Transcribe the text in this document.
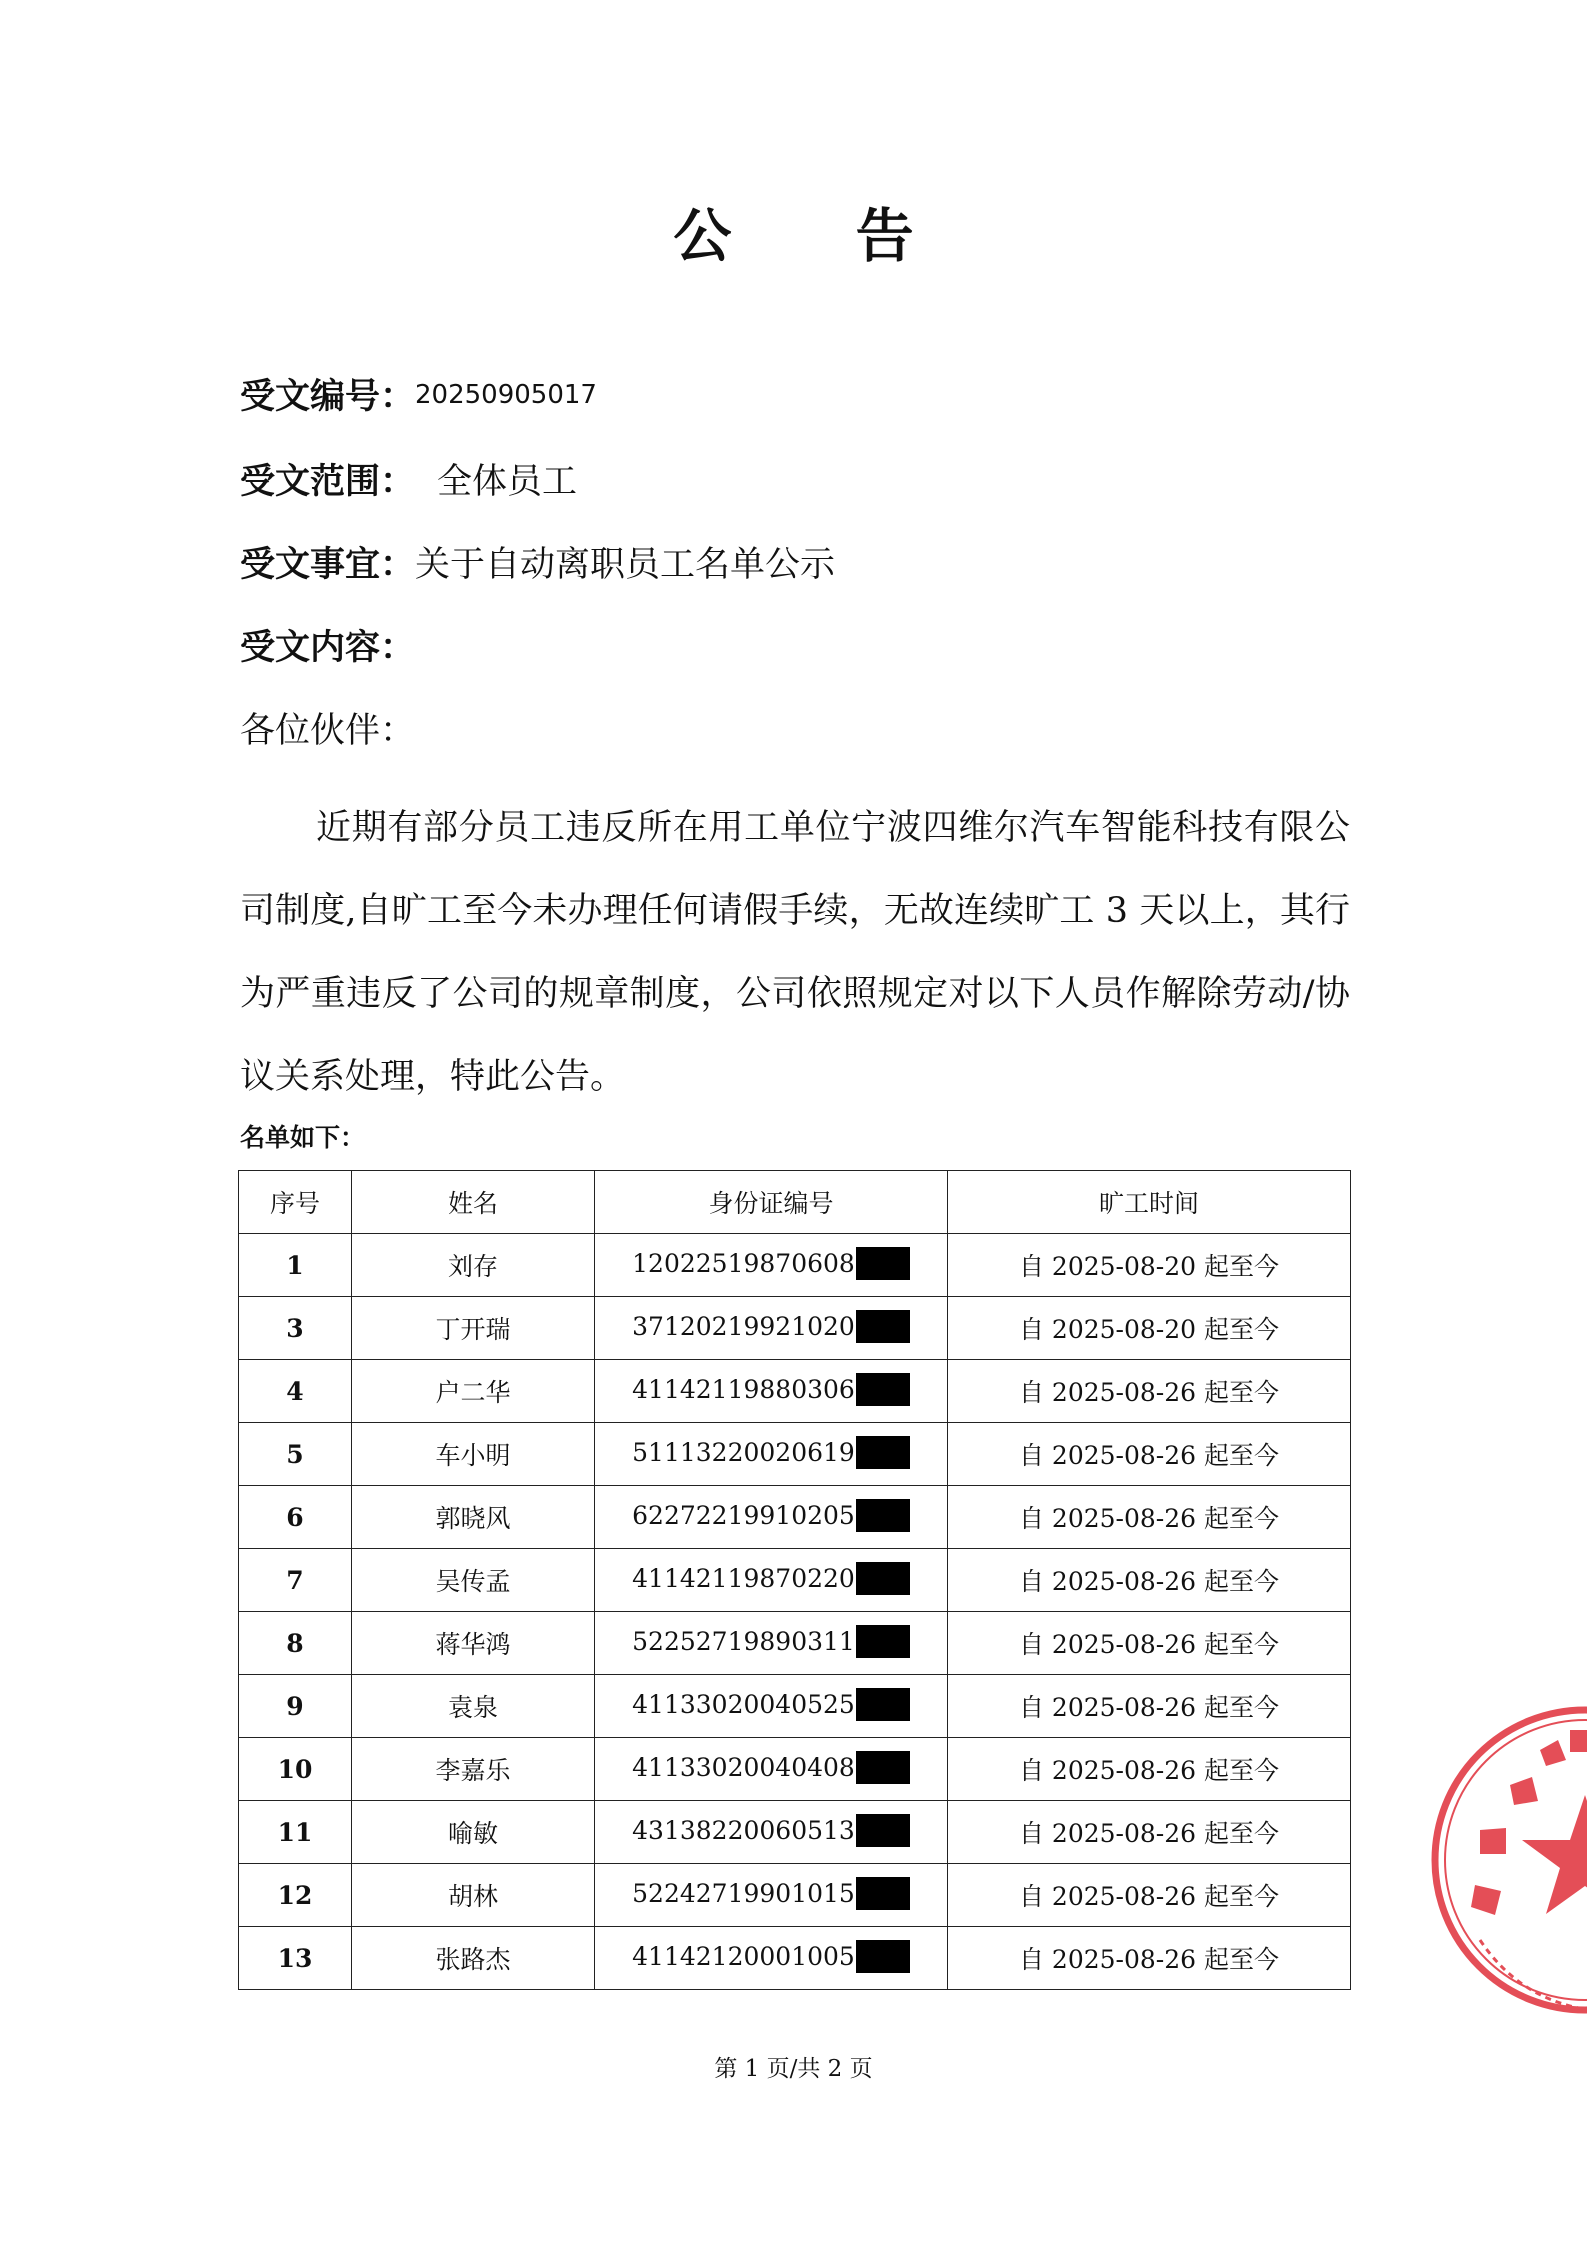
公 告
受文编号：20250905017
受文范围： 全体员工
受文事宜：关于自动离职员工名单公示
受文内容：
各位伙伴：

近期有部分员工违反所在用工单位宁波四维尔汽车智能科技有限公司制度,自旷工至今未办理任何请假手续，无故连续旷工 3 天以上，其行为严重违反了公司的规章制度，公司依照规定对以下人员作解除劳动/协议关系处理，特此公告。

名单如下：
序号	姓名	身份证编号	旷工时间
1	刘存	12022519870608	自 2025-08-20 起至今
3	丁开瑞	37120219921020	自 2025-08-20 起至今
4	户二华	41142119880306	自 2025-08-26 起至今
5	车小明	51113220020619	自 2025-08-26 起至今
6	郭晓风	62272219910205	自 2025-08-26 起至今
7	吴传孟	41142119870220	自 2025-08-26 起至今
8	蒋华鸿	52252719890311	自 2025-08-26 起至今
9	袁泉	41133020040525	自 2025-08-26 起至今
10	李嘉乐	41133020040408	自 2025-08-26 起至今
11	喻敏	43138220060513	自 2025-08-26 起至今
12	胡林	52242719901015	自 2025-08-26 起至今
13	张路杰	41142120001005	自 2025-08-26 起至今
第 1 页/共 2 页
